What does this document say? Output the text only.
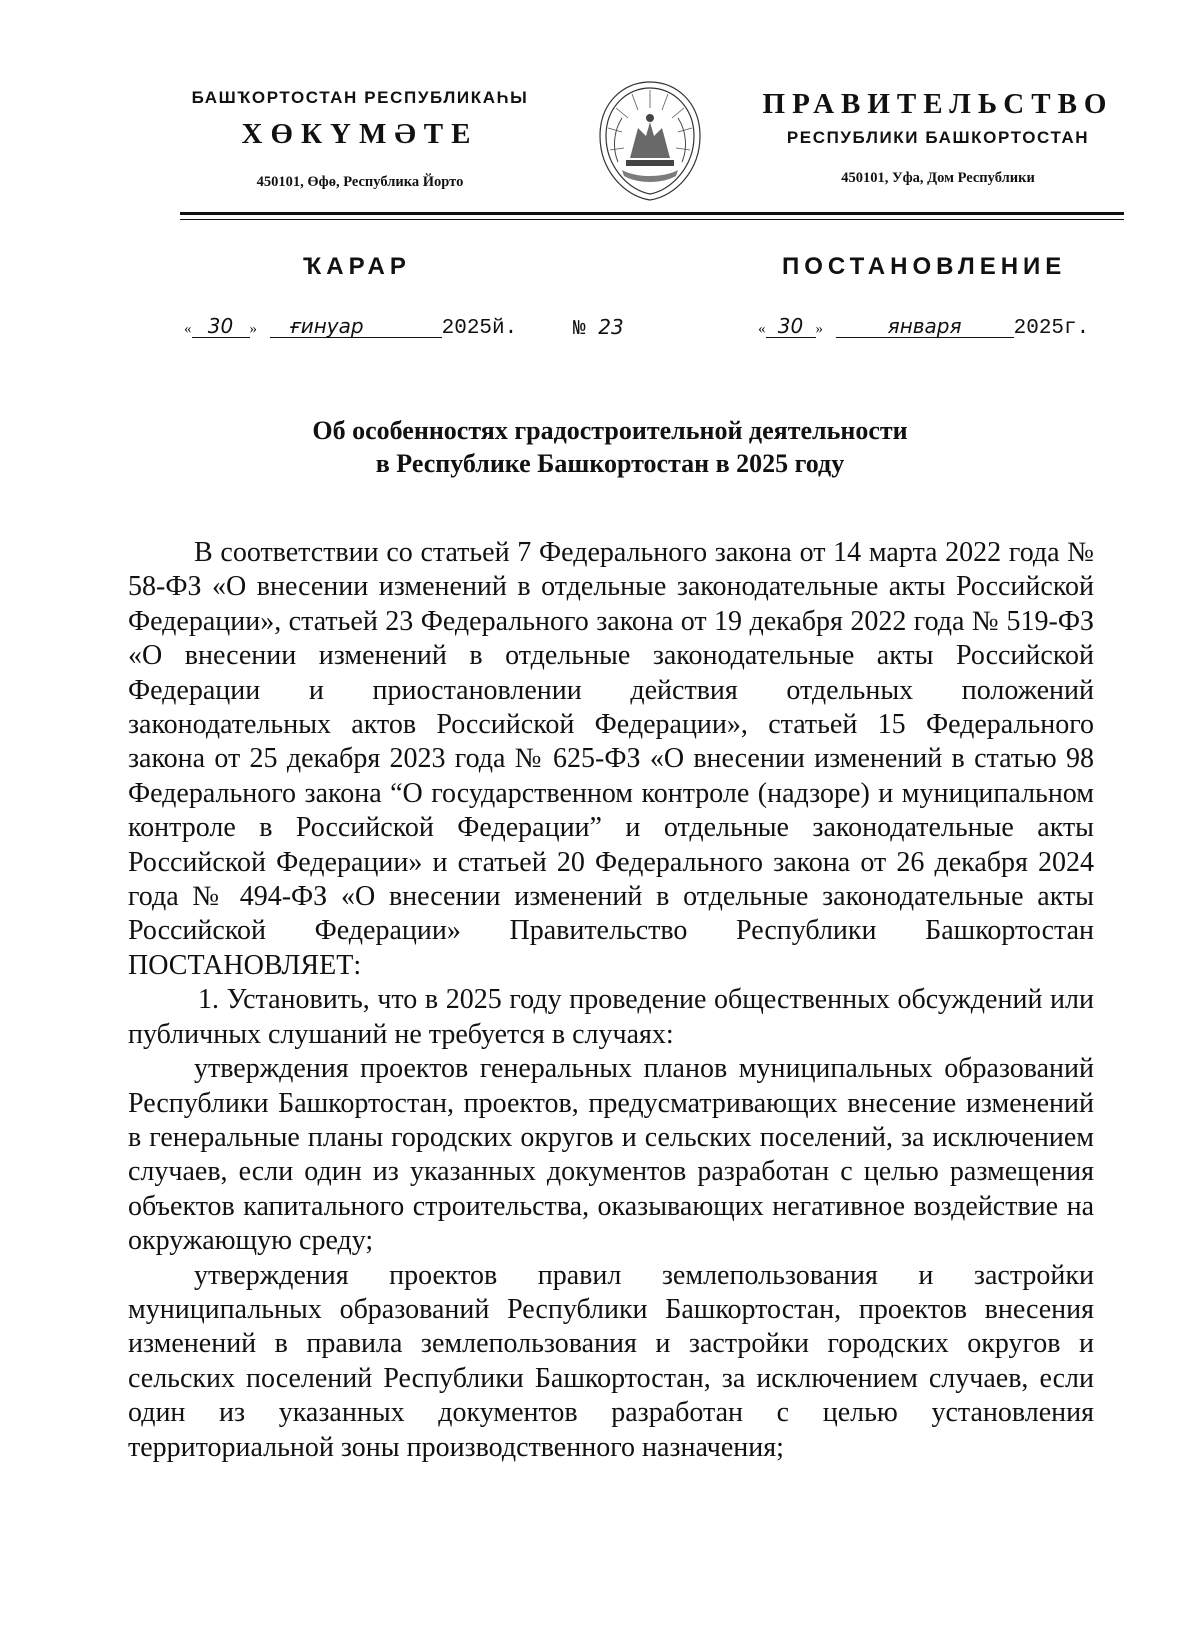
БАШҠОРТОСТАН РЕСПУБЛИКАҺЫ
ХӨКҮМӘТЕ
450101, Өфө, Республика Йорто
ПРАВИТЕЛЬСТВО
РЕСПУБЛИКИ БАШКОРТОСТАН
450101, Уфа, Дом Республики
ҠАРАР	ПОСТАНОВЛЕНИЕ
« 30 » ғинуар	2025й.	№ 23	« 30 »	января 2025г.
Об особенностях градостроительной деятельности
в Республике Башкортостан в 2025 году

В соответствии со статьей 7 Федерального закона от 14 марта 2022 года № 58-ФЗ «О внесении изменений в отдельные законодательные акты Российской Федерации», статьей 23 Федерального закона от 19 декабря 2022 года № 519-ФЗ «О внесении изменений в отдельные законодательные акты Российской Федерации и приостановлении действия отдельных положений законодательных актов Российской Федерации», статьей 15 Федерального закона от 25 декабря 2023 года № 625-ФЗ «О внесении изменений в статью 98 Федерального закона “О государственном контроле (надзоре) и муниципальном контроле в Российской Федерации” и отдельные законодательные акты Российской Федерации» и статьей 20 Федерального закона от 26 декабря 2024 года № 494-ФЗ «О внесении изменений в отдельные законодательные акты Российской Федерации» Правительство Республики Башкортостан ПОСТАНОВЛЯЕТ:

1. Установить, что в 2025 году проведение общественных обсуждений или публичных слушаний не требуется в случаях:

утверждения проектов генеральных планов муниципальных образований Республики Башкортостан, проектов, предусматривающих внесение изменений в генеральные планы городских округов и сельских поселений, за исключением случаев, если один из указанных документов разработан с целью размещения объектов капитального строительства, оказывающих негативное воздействие на окружающую среду;

утверждения проектов правил землепользования и застройки муниципальных образований Республики Башкортостан, проектов внесения изменений в правила землепользования и застройки городских округов и сельских поселений Республики Башкортостан, за исключением случаев, если один из указанных документов разработан с целью установления территориальной зоны производственного назначения;
